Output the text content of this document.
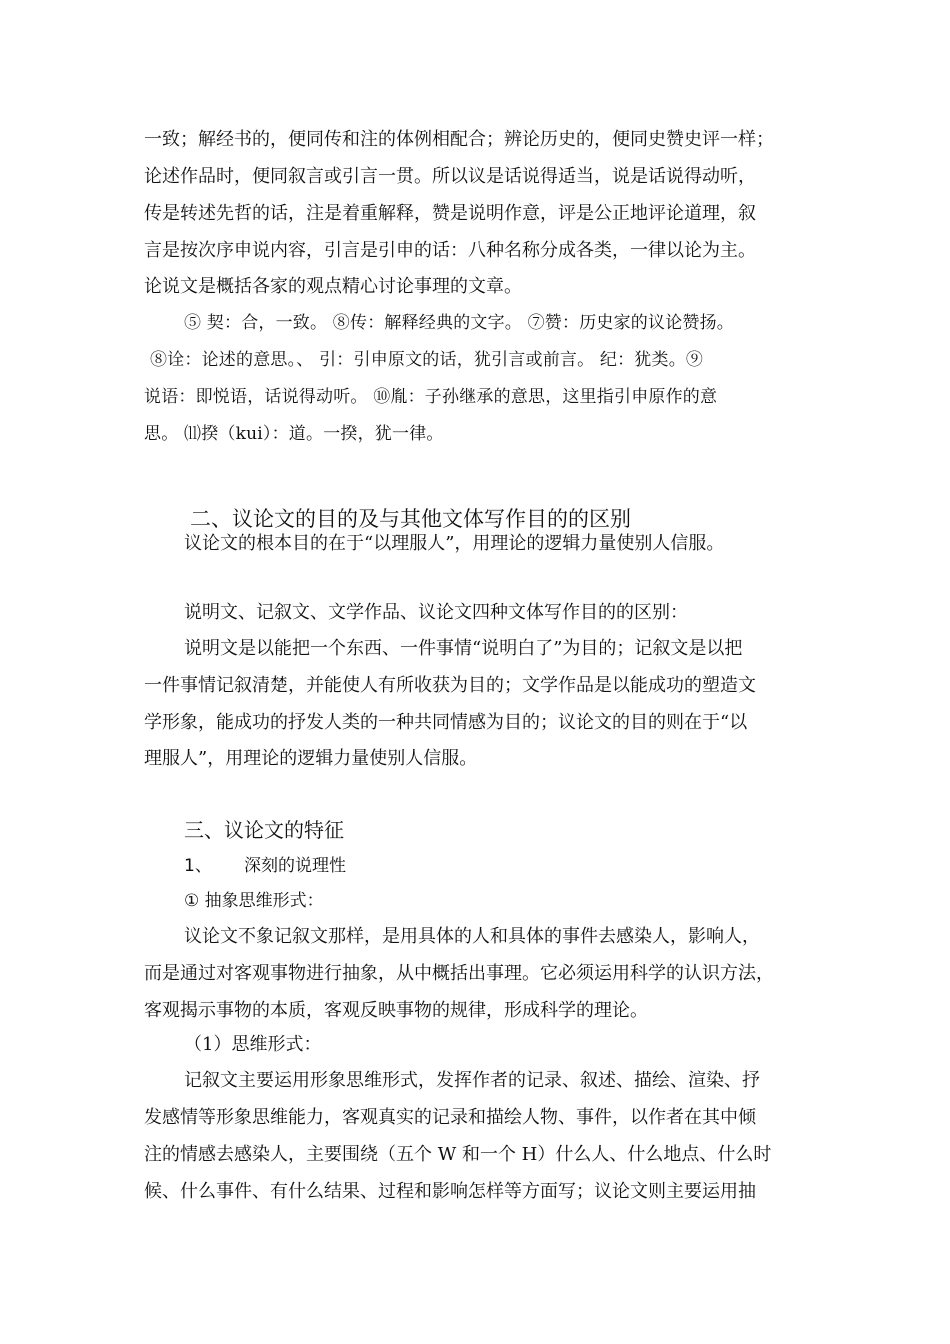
一致；解经书的，便同传和注的体例相配合；辨论历史的，便同史赞史评一样；
论述作品时，便同叙言或引言一贯。所以议是话说得适当，说是话说得动听，
传是转述先哲的话，注是着重解释，赞是说明作意，评是公正地评论道理，叙
言是按次序申说内容，引言是引申的话：八种名称分成各类，一律以论为主。
论说文是概括各家的观点精心讨论事理的文章。
⑤ 契：合，一致。 ⑧传：解释经典的文字。 ⑦赞：历史家的议论赞扬。
⑧诠：论述的意思。、 引：引申原文的话，犹引言或前言。 纪：犹类。⑨
说语：即悦语，话说得动听。 ⑩胤：子孙继承的意思，这里指引申原作的意
思。 ⑾揆（kui）：道。一揆，犹一律。
二、议论文的目的及与其他文体写作目的的区别
议论文的根本目的在于“以理服人”，用理论的逻辑力量使别人信服。
说明文、记叙文、文学作品、议论文四种文体写作目的的区别：
说明文是以能把一个东西、一件事情“说明白了”为目的；记叙文是以把
一件事情记叙清楚，并能使人有所收获为目的；文学作品是以能成功的塑造文
学形象，能成功的抒发人类的一种共同情感为目的；议论文的目的则在于“以
理服人”，用理论的逻辑力量使别人信服。
三、议论文的特征
1、 深刻的说理性
① 抽象思维形式：
议论文不象记叙文那样，是用具体的人和具体的事件去感染人，影响人，
而是通过对客观事物进行抽象，从中概括出事理。它必须运用科学的认识方法，
客观揭示事物的本质，客观反映事物的规律，形成科学的理论。
（1）思维形式：
记叙文主要运用形象思维形式，发挥作者的记录、叙述、描绘、渲染、抒
发感情等形象思维能力，客观真实的记录和描绘人物、事件，以作者在其中倾
注的情感去感染人，主要围绕（五个 W 和一个 H）什么人、什么地点、什么时
候、什么事件、有什么结果、过程和影响怎样等方面写；议论文则主要运用抽
